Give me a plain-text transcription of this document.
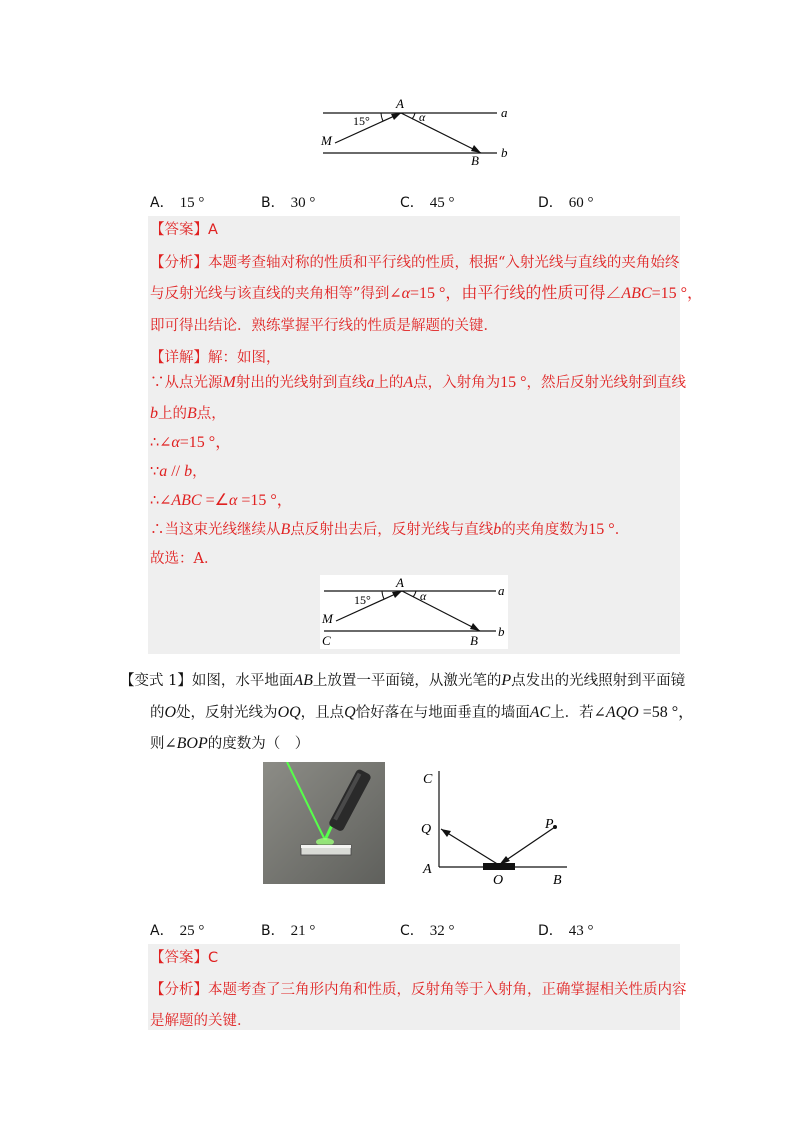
A
a
b
B
M
15°	α
A． 15 °	B． 30 °	C． 45 °	D． 60 °
【答案】A
【分析】本题考查轴对称的性质和平行线的性质，根据“入射光线与直线的夹角始终
与反射光线与该直线的夹角相等”得到∠α=15 °，由平行线的性质可得∠ABC=15 °，
即可得出结论．熟练掌握平行线的性质是解题的关键．
【详解】解：如图，
∵从点光源M射出的光线射到直线a上的A点，入射角为15 °，然后反射光线射到直线
b上的B点，
∴∠α=15 °，
∵a // b，
∴∠ABC =∠α =15 °，
∴当这束光线继续从B点反射出去后，反射光线与直线b的夹角度数为15 °．
故选：A．
A
a
b
B
M
C
15°	α
【变式 1】如图，水平地面AB上放置一平面镜，从激光笔的P点发出的光线照射到平面镜
的O处，反射光线为OQ，且点Q恰好落在与地面垂直的墙面AC上．若∠AQO =58 °，
则∠BOP的度数为（　）
C
Q	P
A
O	B
A． 25 °	B． 21 °	C． 32 °	D． 43 °
【答案】C
【分析】本题考查了三角形内角和性质，反射角等于入射角，正确掌握相关性质内容
是解题的关键．
